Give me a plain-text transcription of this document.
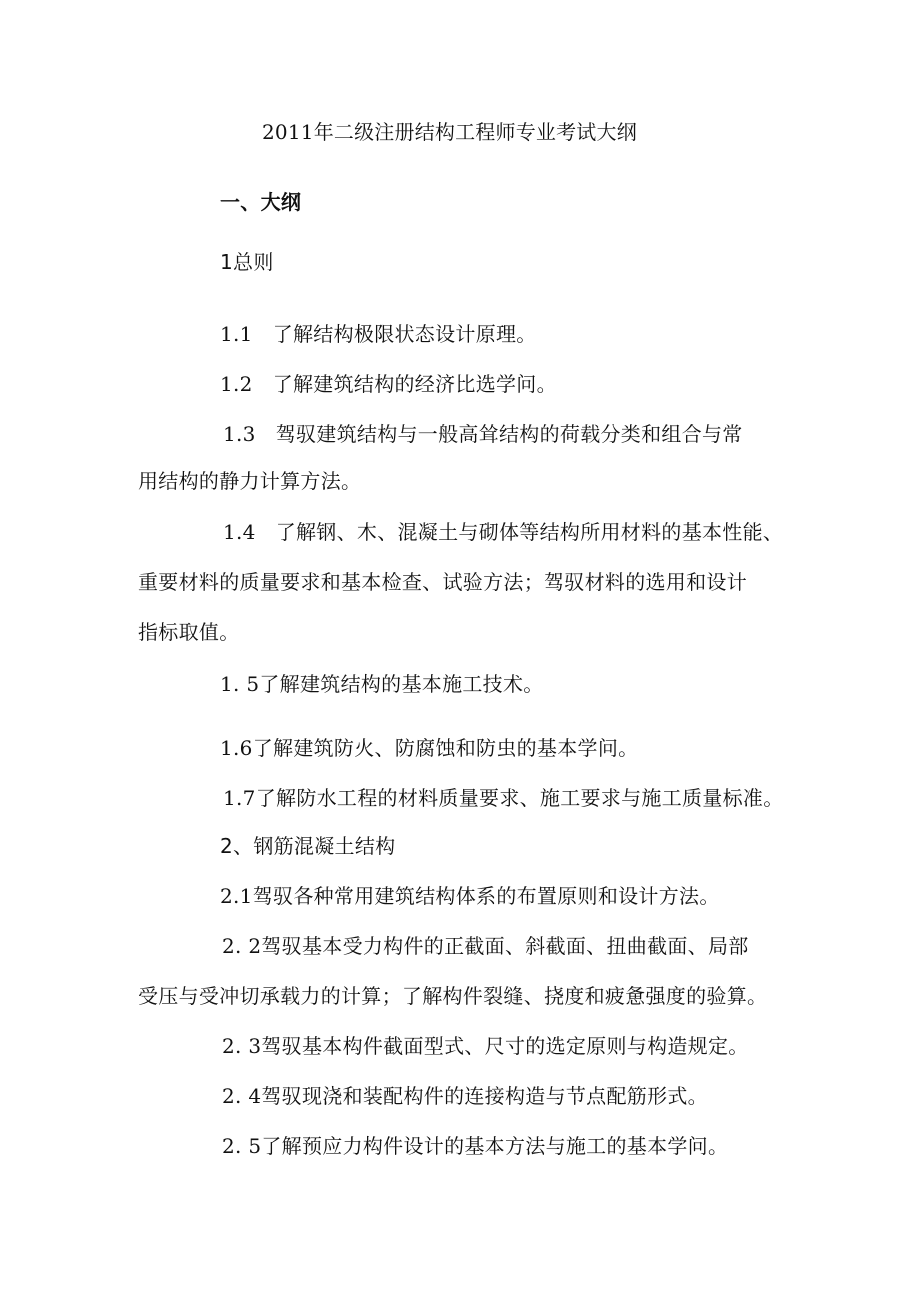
2011年二级注册结构工程师专业考试大纲
一、大纲
1总则
1.1 了解结构极限状态设计原理。
1.2 了解建筑结构的经济比选学问。
1.3 驾驭建筑结构与一般高耸结构的荷载分类和组合与常
用结构的静力计算方法。
1.4 了解钢、木、混凝土与砌体等结构所用材料的基本性能、
重要材料的质量要求和基本检查、试验方法；驾驭材料的选用和设计
指标取值。
1. 5了解建筑结构的基本施工技术。
1.6了解建筑防火、防腐蚀和防虫的基本学问。
1.7了解防水工程的材料质量要求、施工要求与施工质量标准。
2、钢筋混凝土结构
2.1驾驭各种常用建筑结构体系的布置原则和设计方法。
2. 2驾驭基本受力构件的正截面、斜截面、扭曲截面、局部
受压与受冲切承载力的计算；了解构件裂缝、挠度和疲惫强度的验算。
2. 3驾驭基本构件截面型式、尺寸的选定原则与构造规定。
2. 4驾驭现浇和装配构件的连接构造与节点配筋形式。
2. 5了解预应力构件设计的基本方法与施工的基本学问。
